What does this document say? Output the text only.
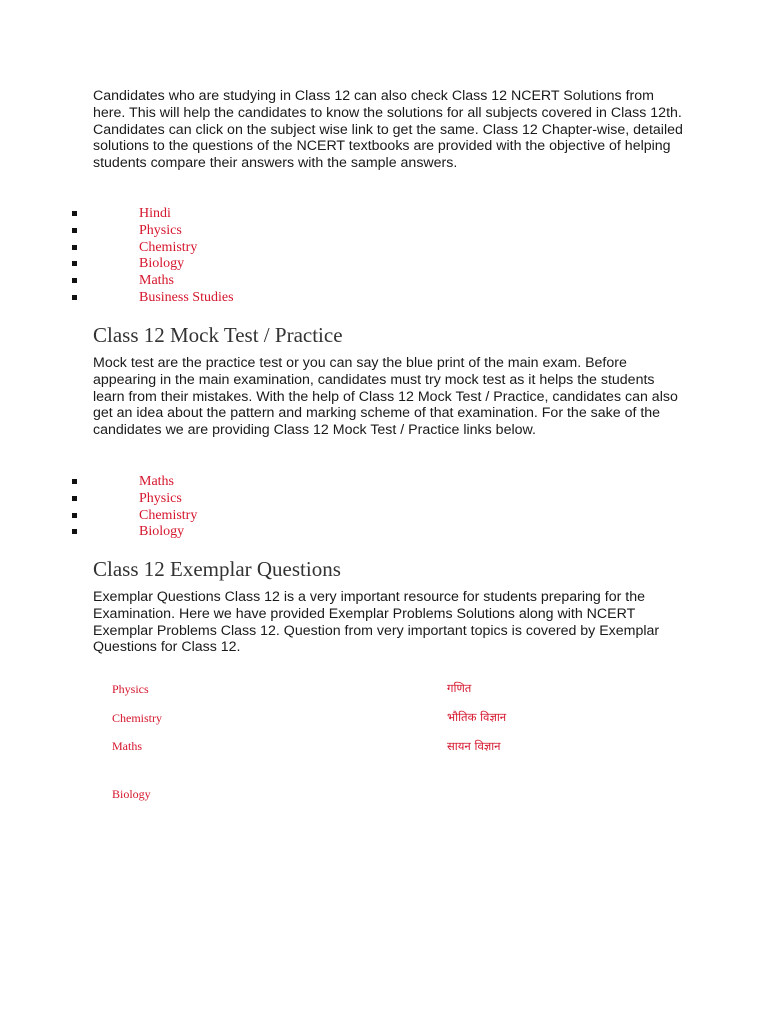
Candidates who are studying in Class 12 can also check Class 12 NCERT Solutions from here. This will help the candidates to know the solutions for all subjects covered in Class 12th. Candidates can click on the subject wise link to get the same. Class 12 Chapter-wise, detailed solutions to the questions of the NCERT textbooks are provided with the objective of helping students compare their answers with the sample answers.

Hindi
Physics
Chemistry
Biology
Maths
Business Studies
Class 12 Mock Test / Practice

Mock test are the practice test or you can say the blue print of the main exam. Before appearing in the main examination, candidates must try mock test as it helps the students learn from their mistakes. With the help of Class 12 Mock Test / Practice, candidates can also get an idea about the pattern and marking scheme of that examination. For the sake of the candidates we are providing Class 12 Mock Test / Practice links below.

Maths
Physics
Chemistry
Biology
Class 12 Exemplar Questions

Exemplar Questions Class 12 is a very important resource for students preparing for the Examination. Here we have provided Exemplar Problems Solutions along with NCERT Exemplar Problems Class 12. Question from very important topics is covered by Exemplar Questions for Class 12.

Physics
Chemistry
Maths
Biology
गणित
भौतिक विज्ञान
सायन विज्ञान
